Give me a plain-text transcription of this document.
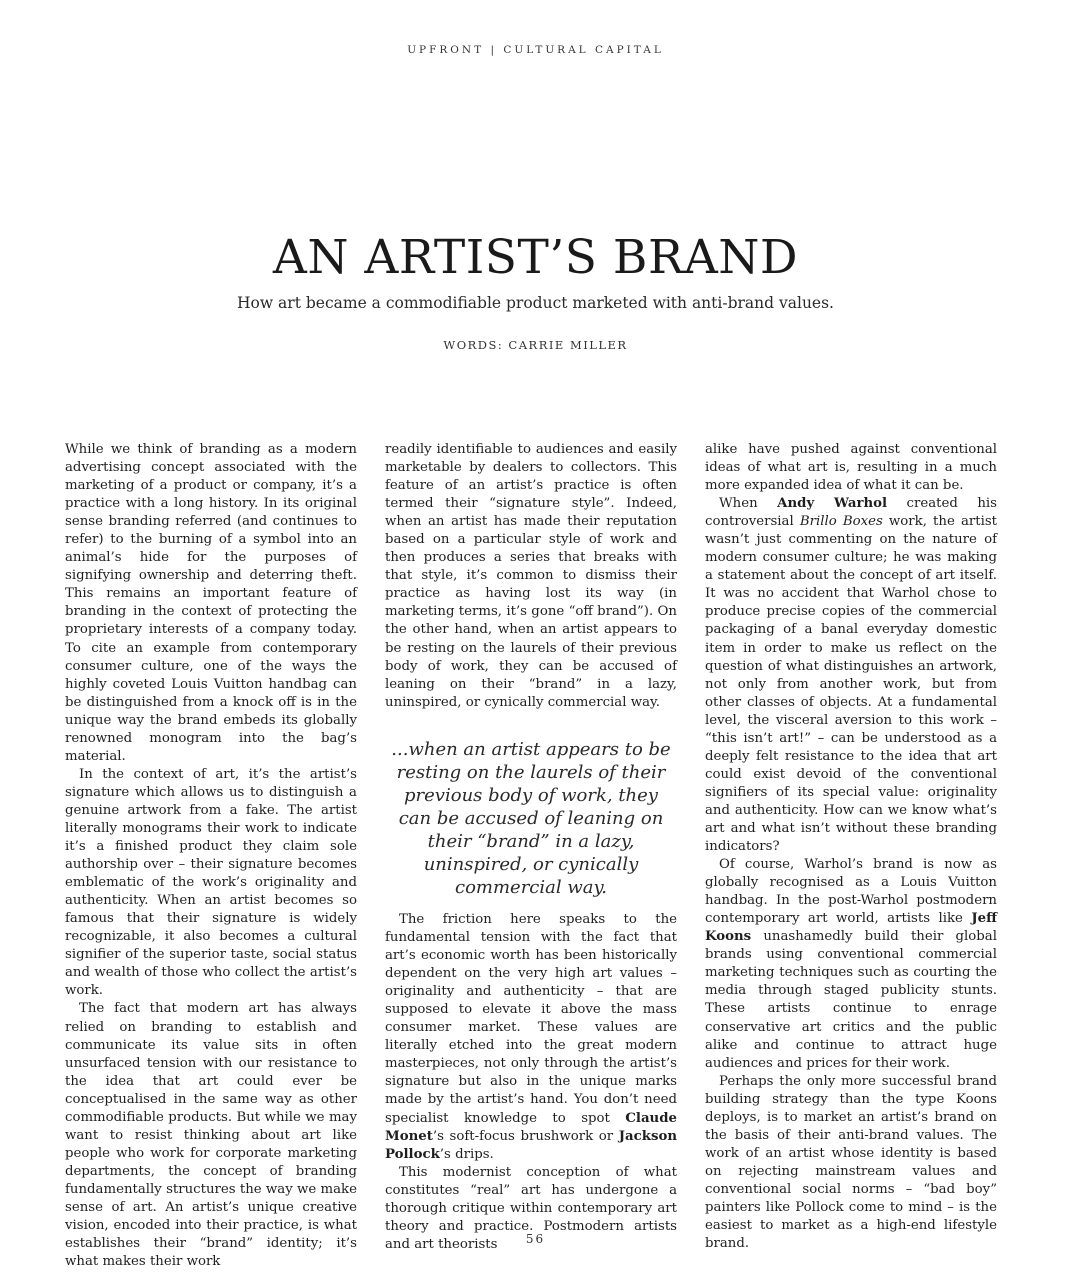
UPFRONT | CULTURAL CAPITAL
AN ARTIST’S BRAND
How art became a commodifiable product marketed with anti-brand values.
WORDS: CARRIE MILLER

While we think of branding as a modern advertising concept associated with the marketing of a product or company, it’s a practice with a long history. In its original sense branding referred (and continues to refer) to the burning of a symbol into an animal’s hide for the purposes of signifying ownership and deterring theft. This remains an important feature of branding in the context of protecting the proprietary interests of a company today. To cite an example from contemporary consumer culture, one of the ways the highly coveted Louis Vuitton handbag can be distinguished from a knock off is in the unique way the brand embeds its globally renowned monogram into the bag’s material.

In the context of art, it’s the artist’s signature which allows us to distinguish a genuine artwork from a fake. The artist literally monograms their work to indicate it’s a finished product they claim sole authorship over – their signature becomes emblematic of the work’s originality and authenticity. When an artist becomes so famous that their signature is widely recognizable, it also becomes a cultural signifier of the superior taste, social status and wealth of those who collect the artist’s work.

The fact that modern art has always relied on branding to establish and communicate its value sits in often unsurfaced tension with our resistance to the idea that art could ever be conceptualised in the same way as other commodifiable products. But while we may want to resist thinking about art like people who work for corporate marketing departments, the concept of branding fundamentally structures the way we make sense of art. An artist’s unique creative vision, encoded into their practice, is what establishes their “brand” identity; it’s what makes their work

readily identifiable to audiences and easily marketable by dealers to collectors. This feature of an artist’s practice is often termed their “signature style”. Indeed, when an artist has made their reputation based on a particular style of work and then produces a series that breaks with that style, it’s common to dismiss their practice as having lost its way (in marketing terms, it’s gone “off brand”). On the other hand, when an artist appears to be resting on the laurels of their previous body of work, they can be accused of leaning on their “brand” in a lazy, uninspired, or cynically commercial way.

...when an artist appears to be resting on the laurels of their previous body of work, they can be accused of leaning on their “brand” in a lazy, uninspired, or cynically commercial way.

The friction here speaks to the fundamental tension with the fact that art’s economic worth has been historically dependent on the very high art values – originality and authenticity – that are supposed to elevate it above the mass consumer market. These values are literally etched into the great modern masterpieces, not only through the artist’s signature but also in the unique marks made by the artist’s hand. You don’t need specialist knowledge to spot Claude Monet’s soft-focus brushwork or Jackson Pollock’s drips.

This modernist conception of what constitutes “real” art has undergone a thorough critique within contemporary art theory and practice. Postmodern artists and art theorists

alike have pushed against conventional ideas of what art is, resulting in a much more expanded idea of what it can be.

When Andy Warhol created his controversial Brillo Boxes work, the artist wasn’t just commenting on the nature of modern consumer culture; he was making a statement about the concept of art itself. It was no accident that Warhol chose to produce precise copies of the commercial packaging of a banal everyday domestic item in order to make us reflect on the question of what distinguishes an artwork, not only from another work, but from other classes of objects. At a fundamental level, the visceral aversion to this work – “this isn’t art!” – can be understood as a deeply felt resistance to the idea that art could exist devoid of the conventional signifiers of its special value: originality and authenticity. How can we know what’s art and what isn’t without these branding indicators?

Of course, Warhol’s brand is now as globally recognised as a Louis Vuitton handbag. In the post-Warhol postmodern contemporary art world, artists like Jeff Koons unashamedly build their global brands using conventional commercial marketing techniques such as courting the media through staged publicity stunts. These artists continue to enrage conservative art critics and the public alike and continue to attract huge audiences and prices for their work.

Perhaps the only more successful brand building strategy than the type Koons deploys, is to market an artist’s brand on the basis of their anti-brand values. The work of an artist whose identity is based on rejecting mainstream values and conventional social norms – “bad boy” painters like Pollock come to mind – is the easiest to market as a high-end lifestyle brand.

56
